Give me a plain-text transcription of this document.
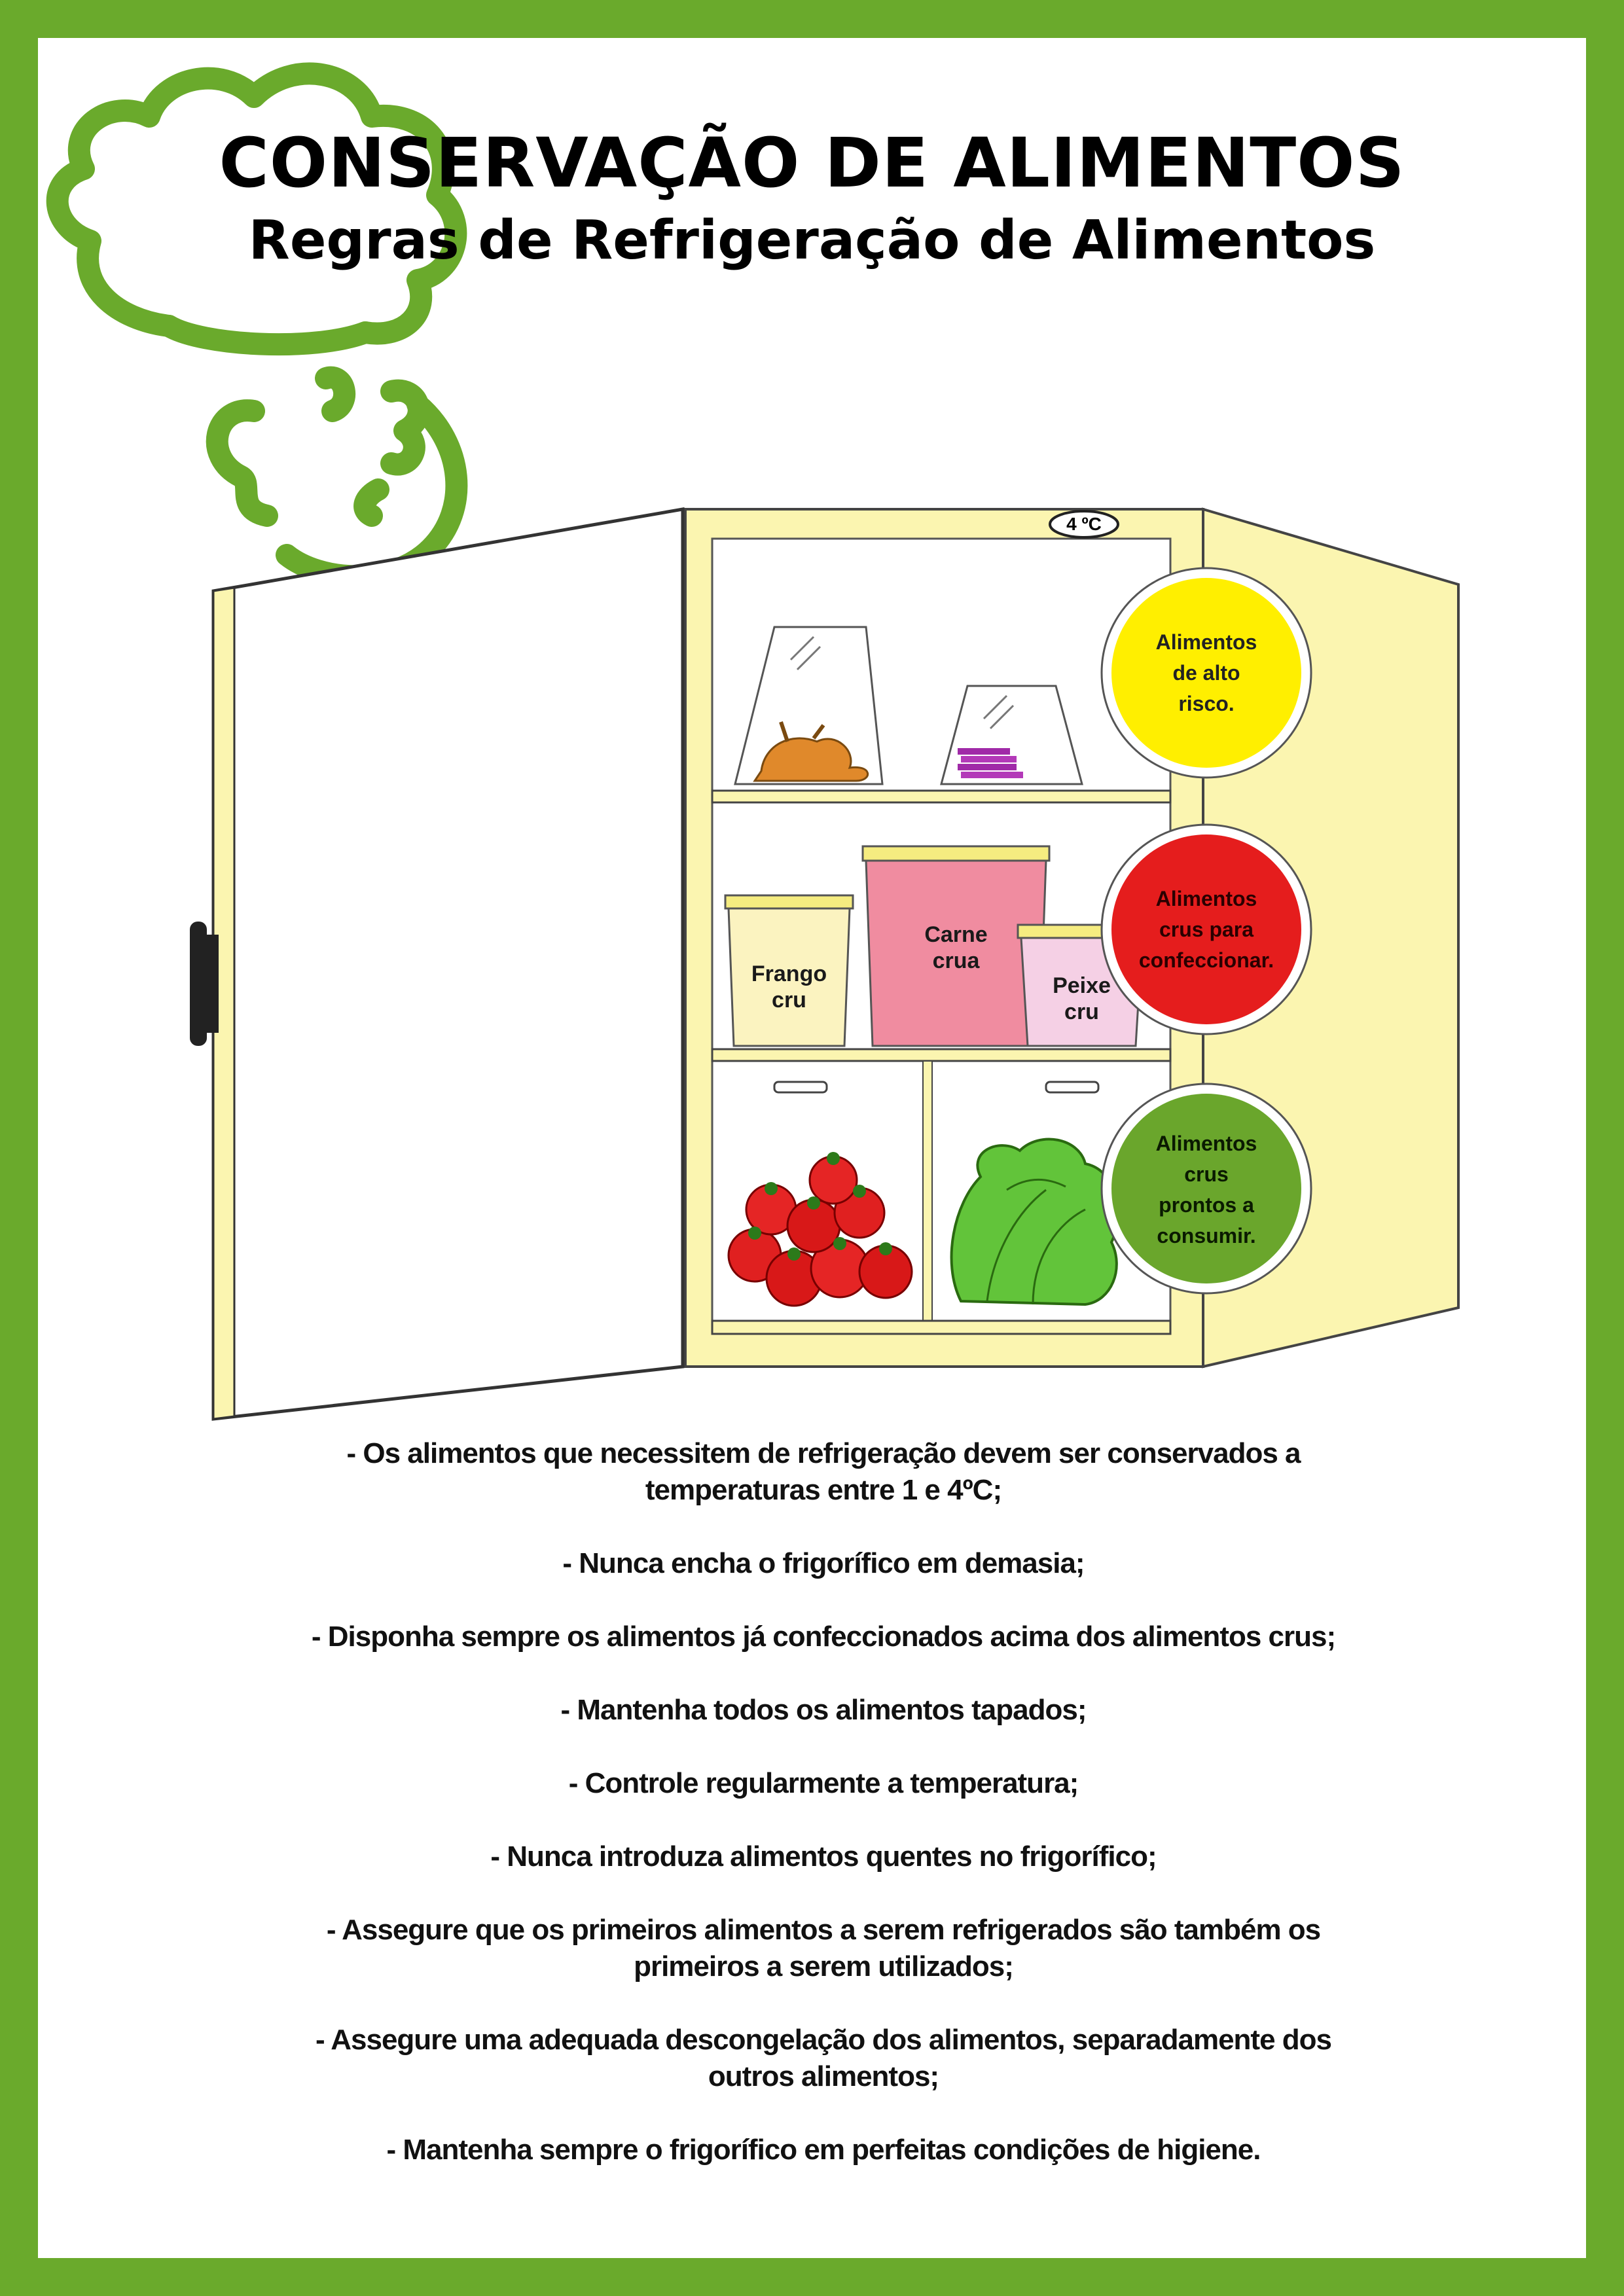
CONSERVAÇÃO DE ALIMENTOS
Regras de Refrigeração de Alimentos
4 ºC
Frango
cru
Carne
crua
Peixe
cru
Alimentos
de alto
risco.
Alimentos
crus para
confeccionar.
Alimentos
crus
prontos a
consumir.

- Os alimentos que necessitem de refrigeração devem ser conservados a temperaturas entre 1 e 4ºC;

- Nunca encha o frigorífico em demasia;

- Disponha sempre os alimentos já confeccionados acima dos alimentos crus;

- Mantenha todos os alimentos tapados;

- Controle regularmente a temperatura;

- Nunca introduza alimentos quentes no frigorífico;

- Assegure que os primeiros alimentos a serem refrigerados são também os primeiros a serem utilizados;

- Assegure uma adequada descongelação dos alimentos, separadamente dos outros alimentos;

- Mantenha sempre o frigorífico em perfeitas condições de higiene.
